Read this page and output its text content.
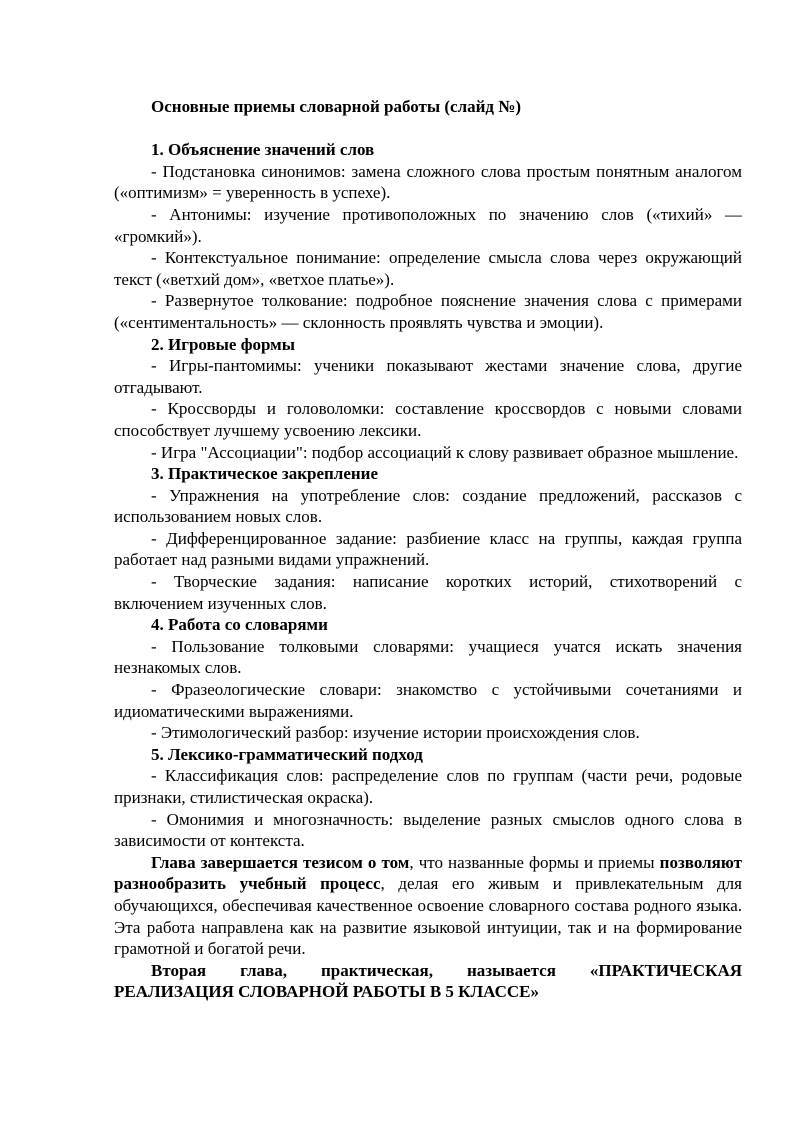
Основные приемы словарной работы (слайд №)

1. Объяснение значений слов

- Подстановка синонимов: замена сложного слова простым понятным аналогом («оптимизм» = уверенность в успехе).

- Антонимы: изучение противоположных по значению слов («тихий» — «громкий»).

- Контекстуальное понимание: определение смысла слова через окружающий текст («ветхий дом», «ветхое платье»).

- Развернутое толкование: подробное пояснение значения слова с примерами («сентиментальность» — склонность проявлять чувства и эмоции).

2. Игровые формы

- Игры-пантомимы: ученики показывают жестами значение слова, другие отгадывают.

- Кроссворды и головоломки: составление кроссвордов с новыми словами способствует лучшему усвоению лексики.

- Игра "Ассоциации": подбор ассоциаций к слову развивает образное мышление.

3. Практическое закрепление

- Упражнения на употребление слов: создание предложений, рассказов с использованием новых слов.

- Дифференцированное задание: разбиение класс на группы, каждая группа работает над разными видами упражнений.

- Творческие задания: написание коротких историй, стихотворений с включением изученных слов.

4. Работа со словарями

- Пользование толковыми словарями: учащиеся учатся искать значения незнакомых слов.

- Фразеологические словари: знакомство с устойчивыми сочетаниями и идиоматическими выражениями.

- Этимологический разбор: изучение истории происхождения слов.

5. Лексико-грамматический подход

- Классификация слов: распределение слов по группам (части речи, родовые признаки, стилистическая окраска).

- Омонимия и многозначность: выделение разных смыслов одного слова в зависимости от контекста.

Глава завершается тезисом о том, что названные формы и приемы позволяют разнообразить учебный процесс, делая его живым и привлекательным для обучающихся, обеспечивая качественное освоение словарного состава родного языка. Эта работа направлена как на развитие языковой интуиции, так и на формирование грамотной и богатой речи.

Вторая глава, практическая, называется «ПРАКТИЧЕСКАЯ РЕАЛИЗАЦИЯ СЛОВАРНОЙ РАБОТЫ В 5 КЛАССЕ»
